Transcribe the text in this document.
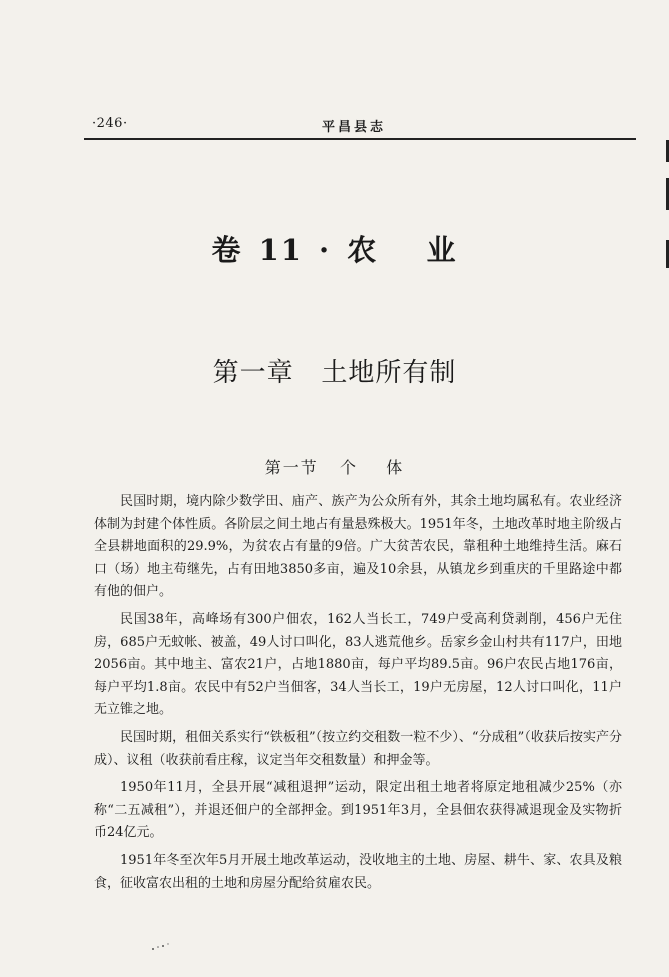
·246·	平昌县志
卷 11 · 农   业
第一章   土地所有制
第一节   个    体

民国时期，境内除少数学田、庙产、族产为公众所有外，其余土地均属私有。农业经济体制为封建个体性质。各阶层之间土地占有量悬殊极大。1951年冬，土地改革时地主阶级占全县耕地面积的29.9%，为贫农占有量的9倍。广大贫苦农民，靠租种土地维持生活。麻石口（场）地主苟继先，占有田地3850多亩，遍及10余县，从镇龙乡到重庆的千里路途中都有他的佃户。

民国38年，高峰场有300户佃农，162人当长工，749户受高利贷剥削，456户无住房，685户无蚊帐、被盖，49人讨口叫化，83人逃荒他乡。岳家乡金山村共有117户，田地2056亩。其中地主、富农21户，占地1880亩，每户平均89.5亩。96户农民占地176亩，每户平均1.8亩。农民中有52户当佃客，34人当长工，19户无房屋，12人讨口叫化，11户无立锥之地。

民国时期，租佃关系实行“铁板租”（按立约交租数一粒不少）、“分成租”（收获后按实产分成）、议租（收获前看庄稼，议定当年交租数量）和押金等。

1950年11月，全县开展“减租退押”运动，限定出租土地者将原定地租减少25%（亦称“二五减租”），并退还佃户的全部押金。到1951年3月，全县佃农获得减退现金及实物折币24亿元。

1951年冬至次年5月开展土地改革运动，没收地主的土地、房屋、耕牛、家、农具及粮食，征收富农出租的土地和房屋分配给贫雇农民。
